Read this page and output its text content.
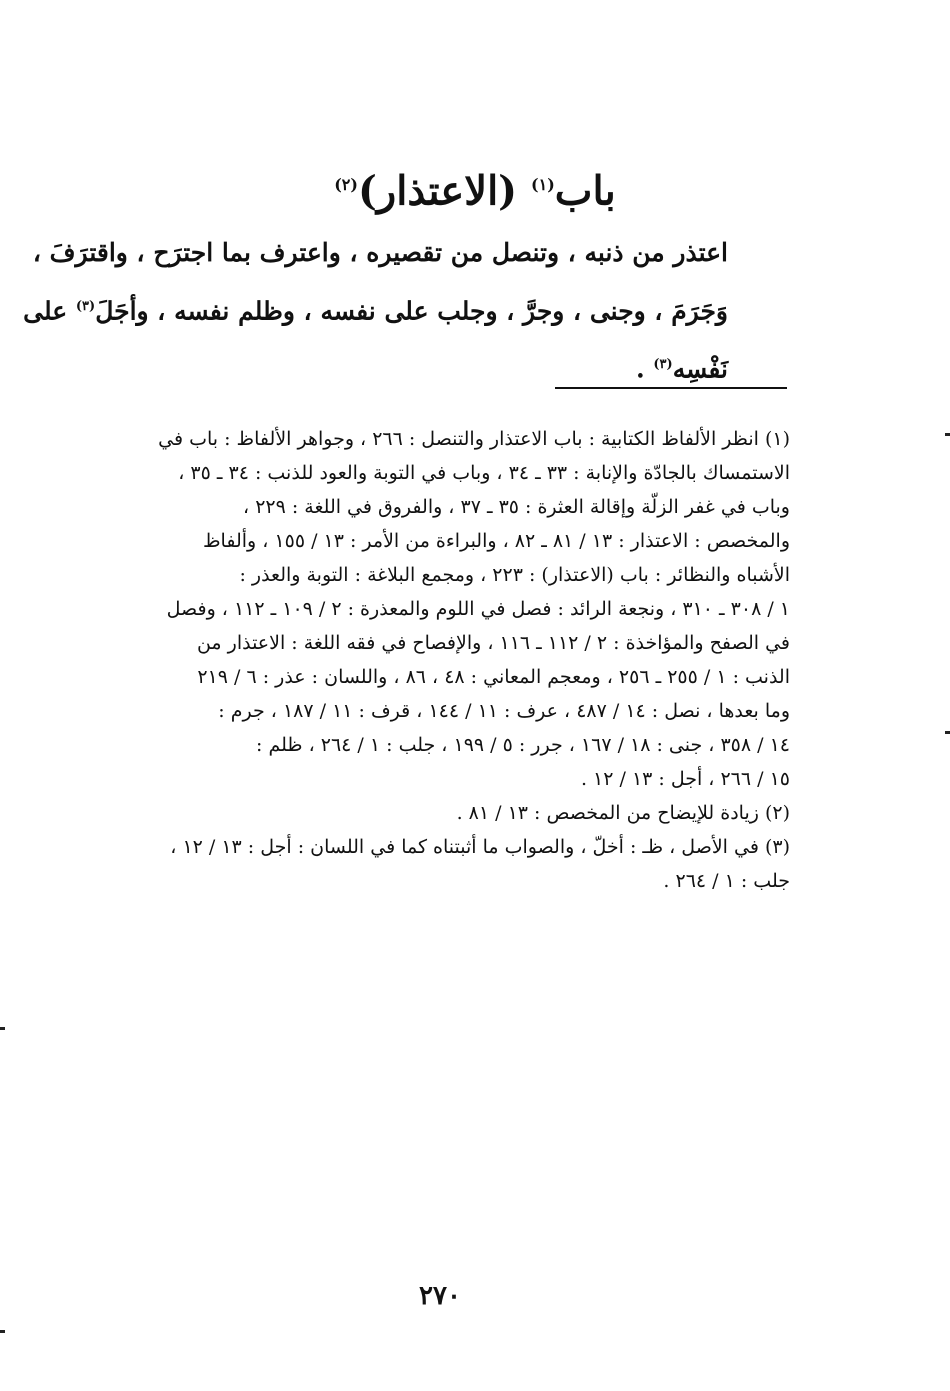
باب$^{(١)}$ (الاعتذار)$^{(٢)}$
اعتذر من ذنبه ، وتنصل من تقصيره ، واعترف بما اجترَح ، واقترَفَ ،
وَجَرَمَ ، وجنى ، وجرَّ ، وجلب على نفسه ، وظلم نفسه ، وأجَلَ$^{(٣)}$ على
نَفْسِه$^{(٣)}$ .
(١) انظر الألفاظ الكتابية : باب الاعتذار والتنصل : ٢٦٦ ، وجواهر الألفاظ : باب في
الاستمساك بالجادّة والإنابة : ٣٣ ـ ٣٤ ، وباب في التوبة والعود للذنب : ٣٤ ـ ٣٥ ،
وباب في غفر الزلّة وإقالة العثرة : ٣٥ ـ ٣٧ ، والفروق في اللغة : ٢٢٩ ،
والمخصص : الاعتذار : ١٣ / ٨١ ـ ٨٢ ، والبراءة من الأمر : ١٣ / ١٥٥ ، وألفاظ
الأشباه والنظائر : باب (الاعتذار) : ٢٢٣ ، ومجمع البلاغة : التوبة والعذر :
١ / ٣٠٨ ـ ٣١٠ ، ونجعة الرائد : فصل في اللوم والمعذرة : ٢ / ١٠٩ ـ ١١٢ ، وفصل
في الصفح والمؤاخذة : ٢ / ١١٢ ـ ١١٦ ، والإفصاح في فقه اللغة : الاعتذار من
الذنب : ١ / ٢٥٥ ـ ٢٥٦ ، ومعجم المعاني : ٤٨ ، ٨٦ ، واللسان : عذر : ٦ / ٢١٩
وما بعدها ، نصل : ١٤ / ٤٨٧ ، عرف : ١١ / ١٤٤ ، قرف : ١١ / ١٨٧ ، جرم :
١٤ / ٣٥٨ ، جنى : ١٨ / ١٦٧ ، جرر : ٥ / ١٩٩ ، جلب : ١ / ٢٦٤ ، ظلم :
١٥ / ٢٦٦ ، أجل : ١٣ / ١٢ .
(٢) زيادة للإيضاح من المخصص : ١٣ / ٨١ .
(٣) في الأصل ، ظـ : أخلّ ، والصواب ما أثبتناه كما في اللسان : أجل : ١٣ / ١٢ ،
جلب : ١ / ٢٦٤ .
٢٧٠
